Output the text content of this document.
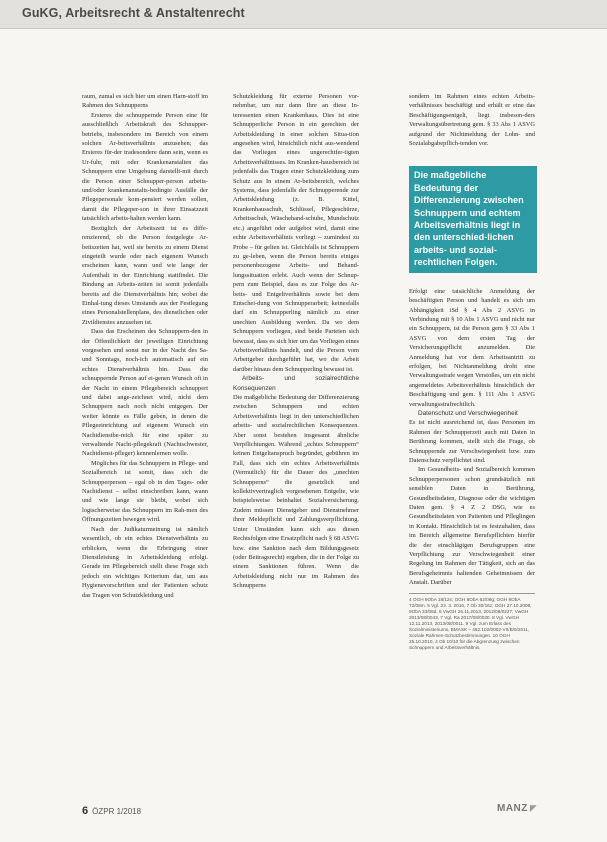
GuKG, Arbeitsrecht & Anstaltenrecht

raum, zumal es sich hier um einen Harn-stoff im Rahmen des Schnupperns

Ersteres die schnuppernde Person eine für ausschließlich Arbeitskraft des Schnupper-betriebs, insbesondere im Bereich von einem solchen Ar-beitsverhältnis anzusehen; das Ersteres für-der tradesondere dann sein, wenn es Ur-fuhr, mit oder Krankenanstalten das Schnuppern eine Umgebung darstellt-mit durch die Person einer Schnupper-person arbeits- und/oder krankenanstalts-bedingte Ausfälle der Pflegepersonale kom-pensiert werden sollen, damit die Pflegeper-son in ihrer Einsatzzeit tatsächlich arbeits-halten werden kann.

Bezüglich der Arbeitszeit ist es diffe-renzierend, ob die Person festgelegte Ar-beitszeiten hat, weil sie bereits zu einem Dienst eingeteilt wurde oder nach eigenem Wunsch erscheinen kann, wann und wie lange der Aufenthalt in der Einrichtung stattfindet. Die Bindung an Arbeits-zeiten ist somit jedenfalls bereits auf die Dienstverhältnis hin; wobei die Einhal-tung dieses Umstands aus der Festlegung eines Personalstellenplans, des dienstlichen oder Zivildienstes anzusehen ist.

Dass das Erscheinen des Schnuppern-den in der Öffentlichkeit der jeweiligen Einrichtung vorgesehen und sonst nur in der Nacht des Sa- und Sonntags, noch-ich automatisch auf ein echtes Dienstverhältnis hin. Dass die schnuppernde Person auf ei-genen Wunsch oft in der Nacht in einem Pflegebereich schnuppert und dabei ange-zeichnet wird, nicht dem Schnuppern nach noch nicht entgegen. Der weiter könnte es Fälle geben, in denen die Pflegeeinrichtung auf eigenem Wunsch ein Nachtdienstbe-reich für eine später zu verwaltende Nacht-pflegekraft (Nachtschwester, Nachtdienst-pfleger) kennenlernen wolle.

Mögliches für das Schnuppern in Pflege- und Sozialbereich ist somit, dass sich die Schnupperperson – egal ob in den Tages- oder Nachtdienst – selbst einschreiben kann, wann und wie lange sie bleibt, wobei sich logischerweise das Schnuppern im Rah-men des Öffnungszeiten bewegen wird.

Nach der Judikaturmeinung ist nämlich wesentlich, ob ein echtes Dienstverhältnis zu erblicken, wenn die Erbringung einer Dienstleistung in Arbeitskleidung erfolgt. Gerade im Pflegebereich stellt diese Frage sich jedoch ein wichtiges Kriterium dar, um aus Hygienevorschriften und der Patienten schutz das Tragen von Schutzkleidung und

Schutzkleidung für externe Personen vor-nehmbar, um nur dann Ihre an diese In-teressenten einen Krankenhaus. Dies ist eine Schnupperliche Person in ein gerechten der Arbeitskleidung in einer solchen Situa-tion angesehen wird, hinsichtlich nicht aus-wendend das Vorliegen eines ungerechtfer-tigten Arbeitsverhältnisses. Im Kranken-hausbereich ist jedenfalls das Tragen einer Schutzkleidung zum Schutz aus In einem Ar-beitsbereich, welches Systems, dass jedenfalls der Schnupperende zur Arbeitskleidung (z. B. Kittel, Krankenhausschuh, Schlüssel, Pflegeschürze, Arbeitsschuh, Wäschehand-schuhe, Mundschutz etc.) angeführt oder aufgebot wird, damit eine echte Arbeitsverhältnis vorliegt – zumindest zu Probe – für gelten ist. Gleichfalls ist Schnuppern zu ge-leben, wenn die Person bereits einiges personenbezogene Arbeits- und Behand-lungssituation erlebt. Auch wenn der Schnup-pern zum Beispiel, dass es zur Folge des Ar-beits- und Entgeltverhältnis sowie bei dem Entschei-dung von Schnupperarbeit; keinesfalls darf ein Schnupperling nämlich zu einer unechten Ausbildung werden. Da wo dem Schnuppern vorliegen, sind beide Parteien sich bewusst, dass es sich hier um das Vorliegen eines Arbeitsverhältnis handelt, und die Person vom Arbeitgeber durchgeführt hat, wo die Arbeit darüber hinaus dem Schnupperling bewusst ist.

Arbeits- und sozialrechtliche Konsequenzen

Die maßgebliche Bedeutung der Differenzierung zwischen Schnuppern und echten Arbeitsverhältnis liegt in den unterschiedlichen arbeits- und sozialrechtlichen Konsequenzen. Aber sonst bestehen insgesamt ähnliche Verpflichtungen. Während „echtes Schnuppern“ keinen Entgeltanspruch begründet, gebühren im Fall, dass sich ein echtes Arbeitsverhältnis (Vermutlich) für die Dauer des „unechten Schnupperns“ die gesetzlich und kollektivvertraglich vorgesehenen Entgelte, wie beispielsweise beinhaltet Sozialversicherung. Zudem müssen Dienstgeber und Dienstnehmer ihrer Meldepflicht und Zahlungsverpflichtung. Unter Umständen kann sich aus diesen Rechtsfolgen eine Ersatzpflicht nach § 68 ASVG bzw. eine Sanktion nach dem Bildungsgesetz (oder Beitragsrecht) ergeben, die in der Folge zu einem Sanktionen führen. Wenn die Arbeitskleidung nicht nur im Rahmen des Schnupperns

sondern im Rahmen eines echten Arbeits-verhältnisses beschäftigt und erhält er eine das Beschäftigungsentgelt, liegt insbeson-ders Verwaltungsübertretung gem. § 33 Abs 1 ASVG aufgrund der Nichtmeldung der Lohn- und Sozialabgabepflich-tenden vor.

Die maßgebliche Bedeutung der Differenzierung zwischen Schnuppern und echtem Arbeitsverhältnis liegt in den unterschied-lichen arbeits- und sozial-rechtlichen Folgen.

Erfolgt eine tatsächliche Anmeldung der beschäftigten Person und handelt es sich um Abhängigkeit iSd § 4 Abs 2 ASVG in Verbindung mit § 10 Abs 1 ASVG und nicht nur ein Schnuppern, ist die Person gem § 33 Abs 1 ASVG von dem ersten Tag der Versicherungspflicht anzumelden. Die Anmeldung hat vor dem Arbeitsantritt zu erfolgen, bei Nichtanmeldung droht eine Verwaltungsstrafe wegen Verstoßes, um ein nicht angemeldetes Arbeitsverhältnis hinsichtlich der Beschäftigung und gem. § 111 Abs 1 ASVG verwaltungsstrafrechtlich.

Datenschutz und Verschwiegenheit

Es ist nicht ausreichend ist, dass Personen im Rahmen der Schnupperzeit auch mit Daten in Berührung kommen, stellt sich die Frage, ob Schnuppernde zur Verschwiegenheit bzw. zum Datenschutz verpflichtet sind.

Im Gesundheits- und Sozialbereich kommen Schnupperpersonen schon grundsätzlich mit sensiblen Daten in Berührung, Gesundheitsdaten, Diagnose oder die wichtigen Daten gem. § 4 Z 2 DSG, wie es Gesundheitsdaten von Patienten und Pfleglingen in Kontakt. Hinsichtlich ist es festzuhalten, dass im Bereich allgemeine Berufspflichten hierfür die der einschlägigen Berufsgruppen eine Verpflichtung zur Verschwiegenheit einer Regelung im Rahmen der Tätigkeit, sich an das Berufsgeheimnis haltenden Geheimnissen der Anstalt. Darüber

4 OGH 9ObA 18/12x; OGH 8ObA 62/09g; OGH 8ObA 72/08m. 5 Vgl. 23. 3. 2016, 7 Ob 30/16z; OGH 27.10.2008, 9ObA 33/08d. 6 VwGH 26.11.2013, 2012/08/0227; VwGH 2013/08/0043. 7 Vgl. Ra 2017/08/0030. 8 Vgl. VwGH 12.11.2013, 2013/08/0011. 9 Vgl. zum Erlass des Sozialministeriums, BMASK – 462.102/0002-VII/B/9/2011, Soziale Rahmen-Schutzbestimmungen. 10 OGH 25.10.2010, 4 Ob 10/10 für die Abgrenzung zwischen Schnuppern und Arbeitsverhältnis.
6 ÖZPR 1/2018	MANZ ◤
